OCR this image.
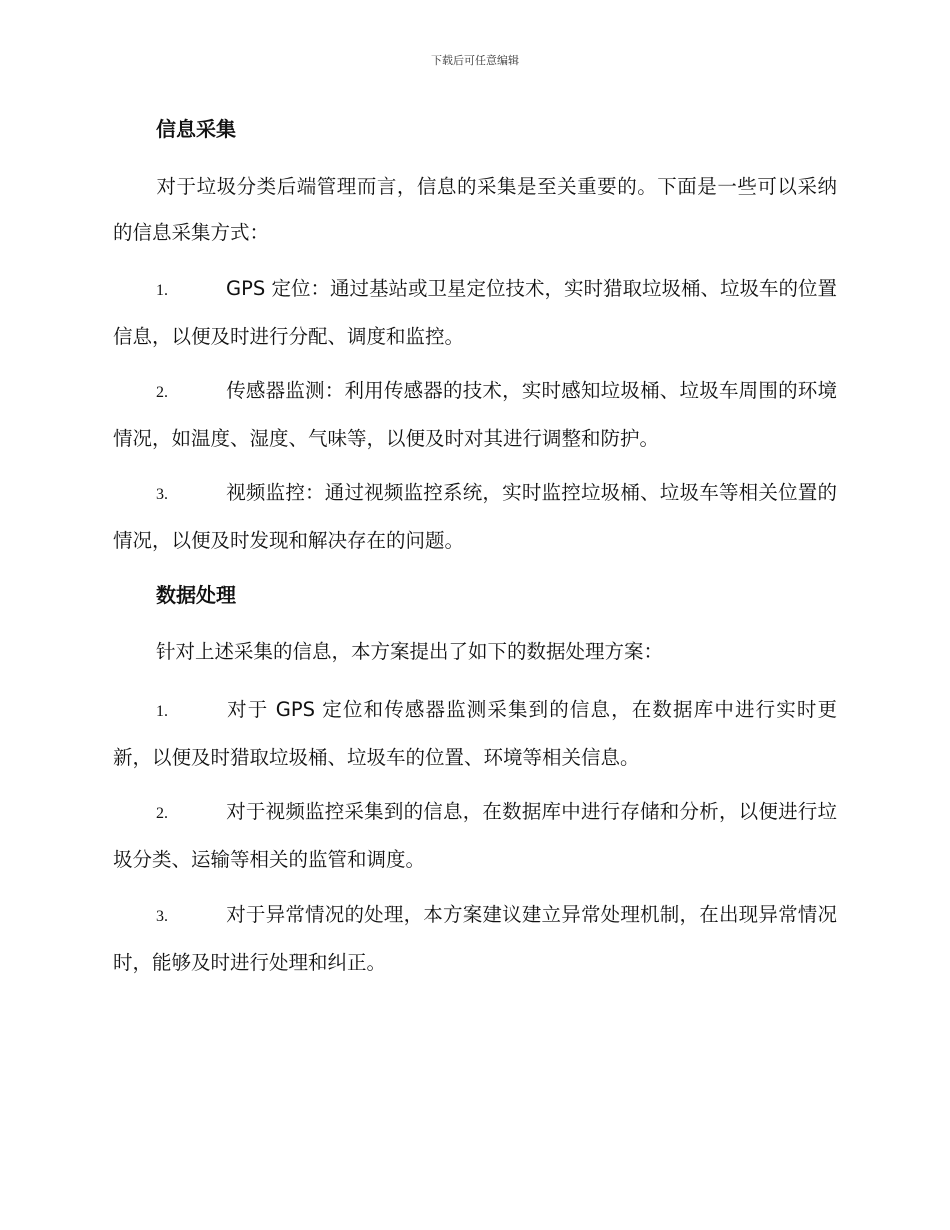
下载后可任意编辑
信息采集

对于垃圾分类后端管理而言，信息的采集是至关重要的。下面是一些可以采纳的信息采集方式：

1.	GPS 定位：通过基站或卫星定位技术，实时猎取垃圾桶、垃圾车的位置信息，以便及时进行分配、调度和监控。

2.	传感器监测：利用传感器的技术，实时感知垃圾桶、垃圾车周围的环境情况，如温度、湿度、气味等，以便及时对其进行调整和防护。

3.	视频监控：通过视频监控系统，实时监控垃圾桶、垃圾车等相关位置的情况，以便及时发现和解决存在的问题。

数据处理

针对上述采集的信息，本方案提出了如下的数据处理方案：

1.	对于 GPS 定位和传感器监测采集到的信息，在数据库中进行实时更新，以便及时猎取垃圾桶、垃圾车的位置、环境等相关信息。

2.	对于视频监控采集到的信息，在数据库中进行存储和分析，以便进行垃圾分类、运输等相关的监管和调度。

3.	对于异常情况的处理，本方案建议建立异常处理机制，在出现异常情况时，能够及时进行处理和纠正。
